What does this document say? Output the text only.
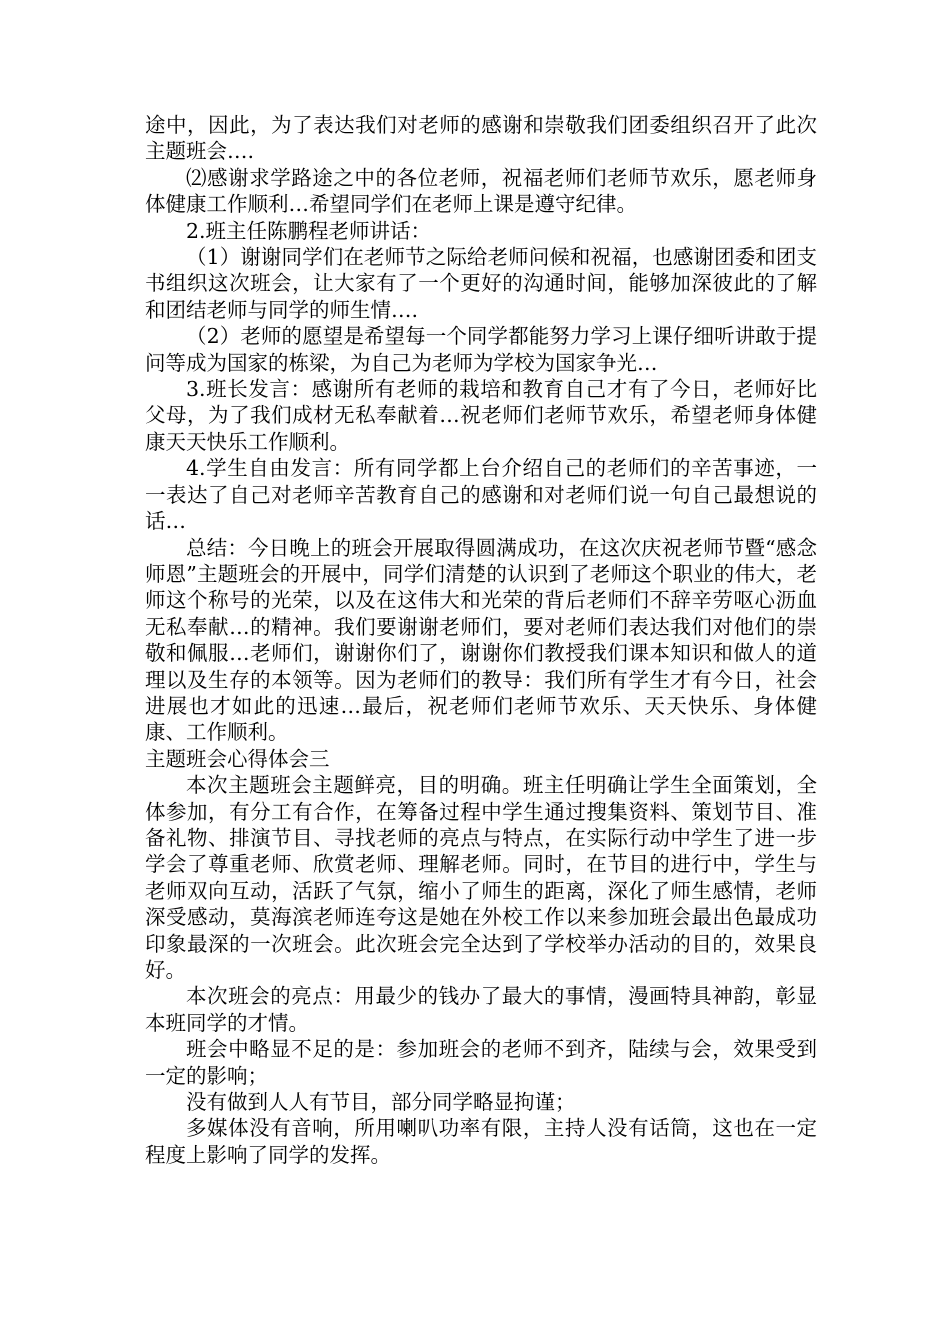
途中，因此，为了表达我们对老师的感谢和崇敬我们团委组织召开了此次主题班会….

⑵感谢求学路途之中的各位老师，祝福老师们老师节欢乐，愿老师身体健康工作顺利…希望同学们在老师上课是遵守纪律。

2.班主任陈鹏程老师讲话：

（1）谢谢同学们在老师节之际给老师问候和祝福，也感谢团委和团支书组织这次班会，让大家有了一个更好的沟通时间，能够加深彼此的了解和团结老师与同学的师生情….

（2）老师的愿望是希望每一个同学都能努力学习上课仔细听讲敢于提问等成为国家的栋梁，为自己为老师为学校为国家争光…

3.班长发言：感谢所有老师的栽培和教育自己才有了今日，老师好比父母，为了我们成材无私奉献着…祝老师们老师节欢乐，希望老师身体健康天天快乐工作顺利。

4.学生自由发言：所有同学都上台介绍自己的老师们的辛苦事迹，一一表达了自己对老师辛苦教育自己的感谢和对老师们说一句自己最想说的话…

总结：今日晚上的班会开展取得圆满成功，在这次庆祝老师节暨“感念师恩”主题班会的开展中，同学们清楚的认识到了老师这个职业的伟大，老师这个称号的光荣，以及在这伟大和光荣的背后老师们不辞辛劳呕心沥血无私奉献…的精神。我们要谢谢老师们，要对老师们表达我们对他们的崇敬和佩服…老师们，谢谢你们了，谢谢你们教授我们课本知识和做人的道理以及生存的本领等。因为老师们的教导：我们所有学生才有今日，社会进展也才如此的迅速…最后，祝老师们老师节欢乐、天天快乐、身体健康、工作顺利。

主题班会心得体会三

本次主题班会主题鲜亮，目的明确。班主任明确让学生全面策划，全体参加，有分工有合作，在筹备过程中学生通过搜集资料、策划节目、准备礼物、排演节目、寻找老师的亮点与特点，在实际行动中学生了进一步学会了尊重老师、欣赏老师、理解老师。同时，在节目的进行中，学生与老师双向互动，活跃了气氛，缩小了师生的距离，深化了师生感情，老师深受感动，莫海滨老师连夸这是她在外校工作以来参加班会最出色最成功印象最深的一次班会。此次班会完全达到了学校举办活动的目的，效果良好。

本次班会的亮点：用最少的钱办了最大的事情，漫画特具神韵，彰显本班同学的才情。

班会中略显不足的是：参加班会的老师不到齐，陆续与会，效果受到一定的影响；

没有做到人人有节目，部分同学略显拘谨；

多媒体没有音响，所用喇叭功率有限，主持人没有话筒，这也在一定程度上影响了同学的发挥。
